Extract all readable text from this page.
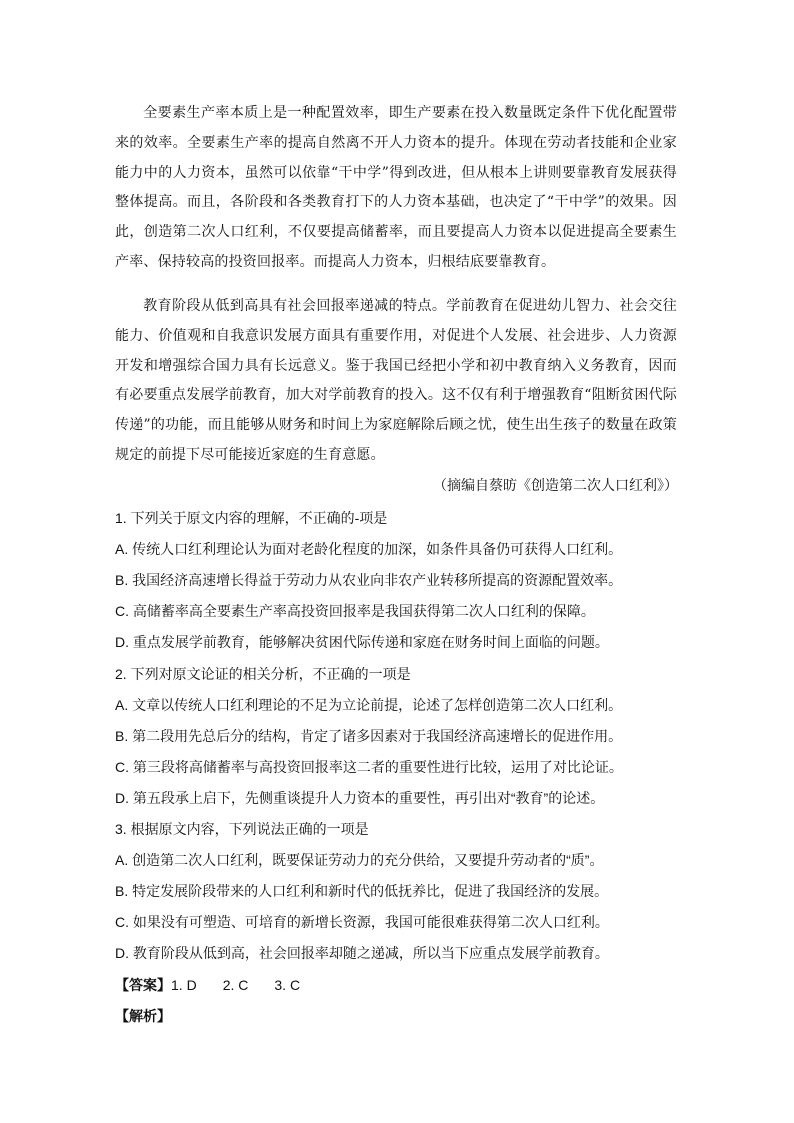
全要素生产率本质上是一种配置效率，即生产要素在投入数量既定条件下优化配置带来的效率。全要素生产率的提高自然离不开人力资本的提升。体现在劳动者技能和企业家能力中的人力资本，虽然可以依靠“干中学”得到改进，但从根本上讲则要靠教育发展获得整体提高。而且，各阶段和各类教育打下的人力资本基础，也决定了“干中学”的效果。因此，创造第二次人口红利，不仅要提高储蓄率，而且要提高人力资本以促进提高全要素生产率、保持较高的投资回报率。而提高人力资本，归根结底要靠教育。

教育阶段从低到高具有社会回报率递减的特点。学前教育在促进幼儿智力、社会交往能力、价值观和自我意识发展方面具有重要作用，对促进个人发展、社会进步、人力资源开发和增强综合国力具有长远意义。鉴于我国已经把小学和初中教育纳入义务教育，因而有必要重点发展学前教育，加大对学前教育的投入。这不仅有利于增强教育“阻断贫困代际传递”的功能，而且能够从财务和时间上为家庭解除后顾之忧，使生出生孩子的数量在政策规定的前提下尽可能接近家庭的生育意愿。

（摘编自蔡昉《创造第二次人口红利》）

1. 下列关于原文内容的理解，不正确的-项是

A. 传统人口红利理论认为面对老龄化程度的加深，如条件具备仍可获得人口红利。

B. 我国经济高速增长得益于劳动力从农业向非农产业转移所提高的资源配置效率。

C. 高储蓄率高全要素生产率高投资回报率是我国获得第二次人口红利的保障。

D. 重点发展学前教育，能够解决贫困代际传递和家庭在财务时间上面临的问题。

2. 下列对原文论证的相关分析，不正确的一项是

A. 文章以传统人口红利理论的不足为立论前提，论述了怎样创造第二次人口红利。

B. 第二段用先总后分的结构，肯定了诸多因素对于我国经济高速增长的促进作用。

C. 第三段将高储蓄率与高投资回报率这二者的重要性进行比较，运用了对比论证。

D. 第五段承上启下，先侧重谈提升人力资本的重要性，再引出对“教育”的论述。

3. 根据原文内容，下列说法正确的一项是

A. 创造第二次人口红利，既要保证劳动力的充分供给，又要提升劳动者的“质”。

B. 特定发展阶段带来的人口红利和新时代的低抚养比，促进了我国经济的发展。

C. 如果没有可塑造、可培育的新增长资源，我国可能很难获得第二次人口红利。

D. 教育阶段从低到高，社会回报率却随之递减，所以当下应重点发展学前教育。

【答案】1. D 2. C 3. C
【解析】
